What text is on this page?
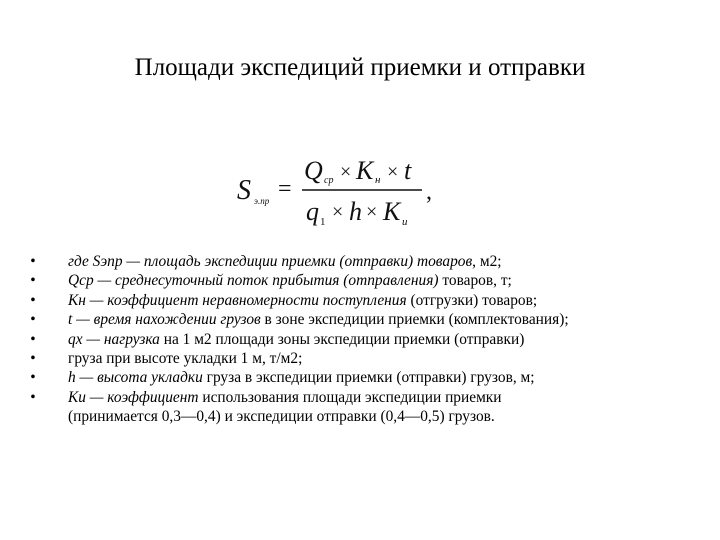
Площади экспедиций приемки и отправки
S э.пр =
Q ср × K н × t
q 1 × h × K и
,
• где Sэпр — площадь экспедиции приемки (отправки) товаров, м2;
• Qср — среднесуточный поток прибытия (отправления) товаров, т;
• Кн — коэффициент неравномерности поступления (отгрузки) товаров;
• t — время нахождении грузов в зоне экспедиции приемки (комплектования);
• qх — нагрузка на 1 м2 площади зоны экспедиции приемки (отправки)
• груза при высоте укладки 1 м, т/м2;
• h — высота укладки груза в экспедиции приемки (отправки) грузов, м;
• Ки — коэффициент использования площади экспедиции приемки
(принимается 0,3—0,4) и экспедиции отправки (0,4—0,5) грузов.
